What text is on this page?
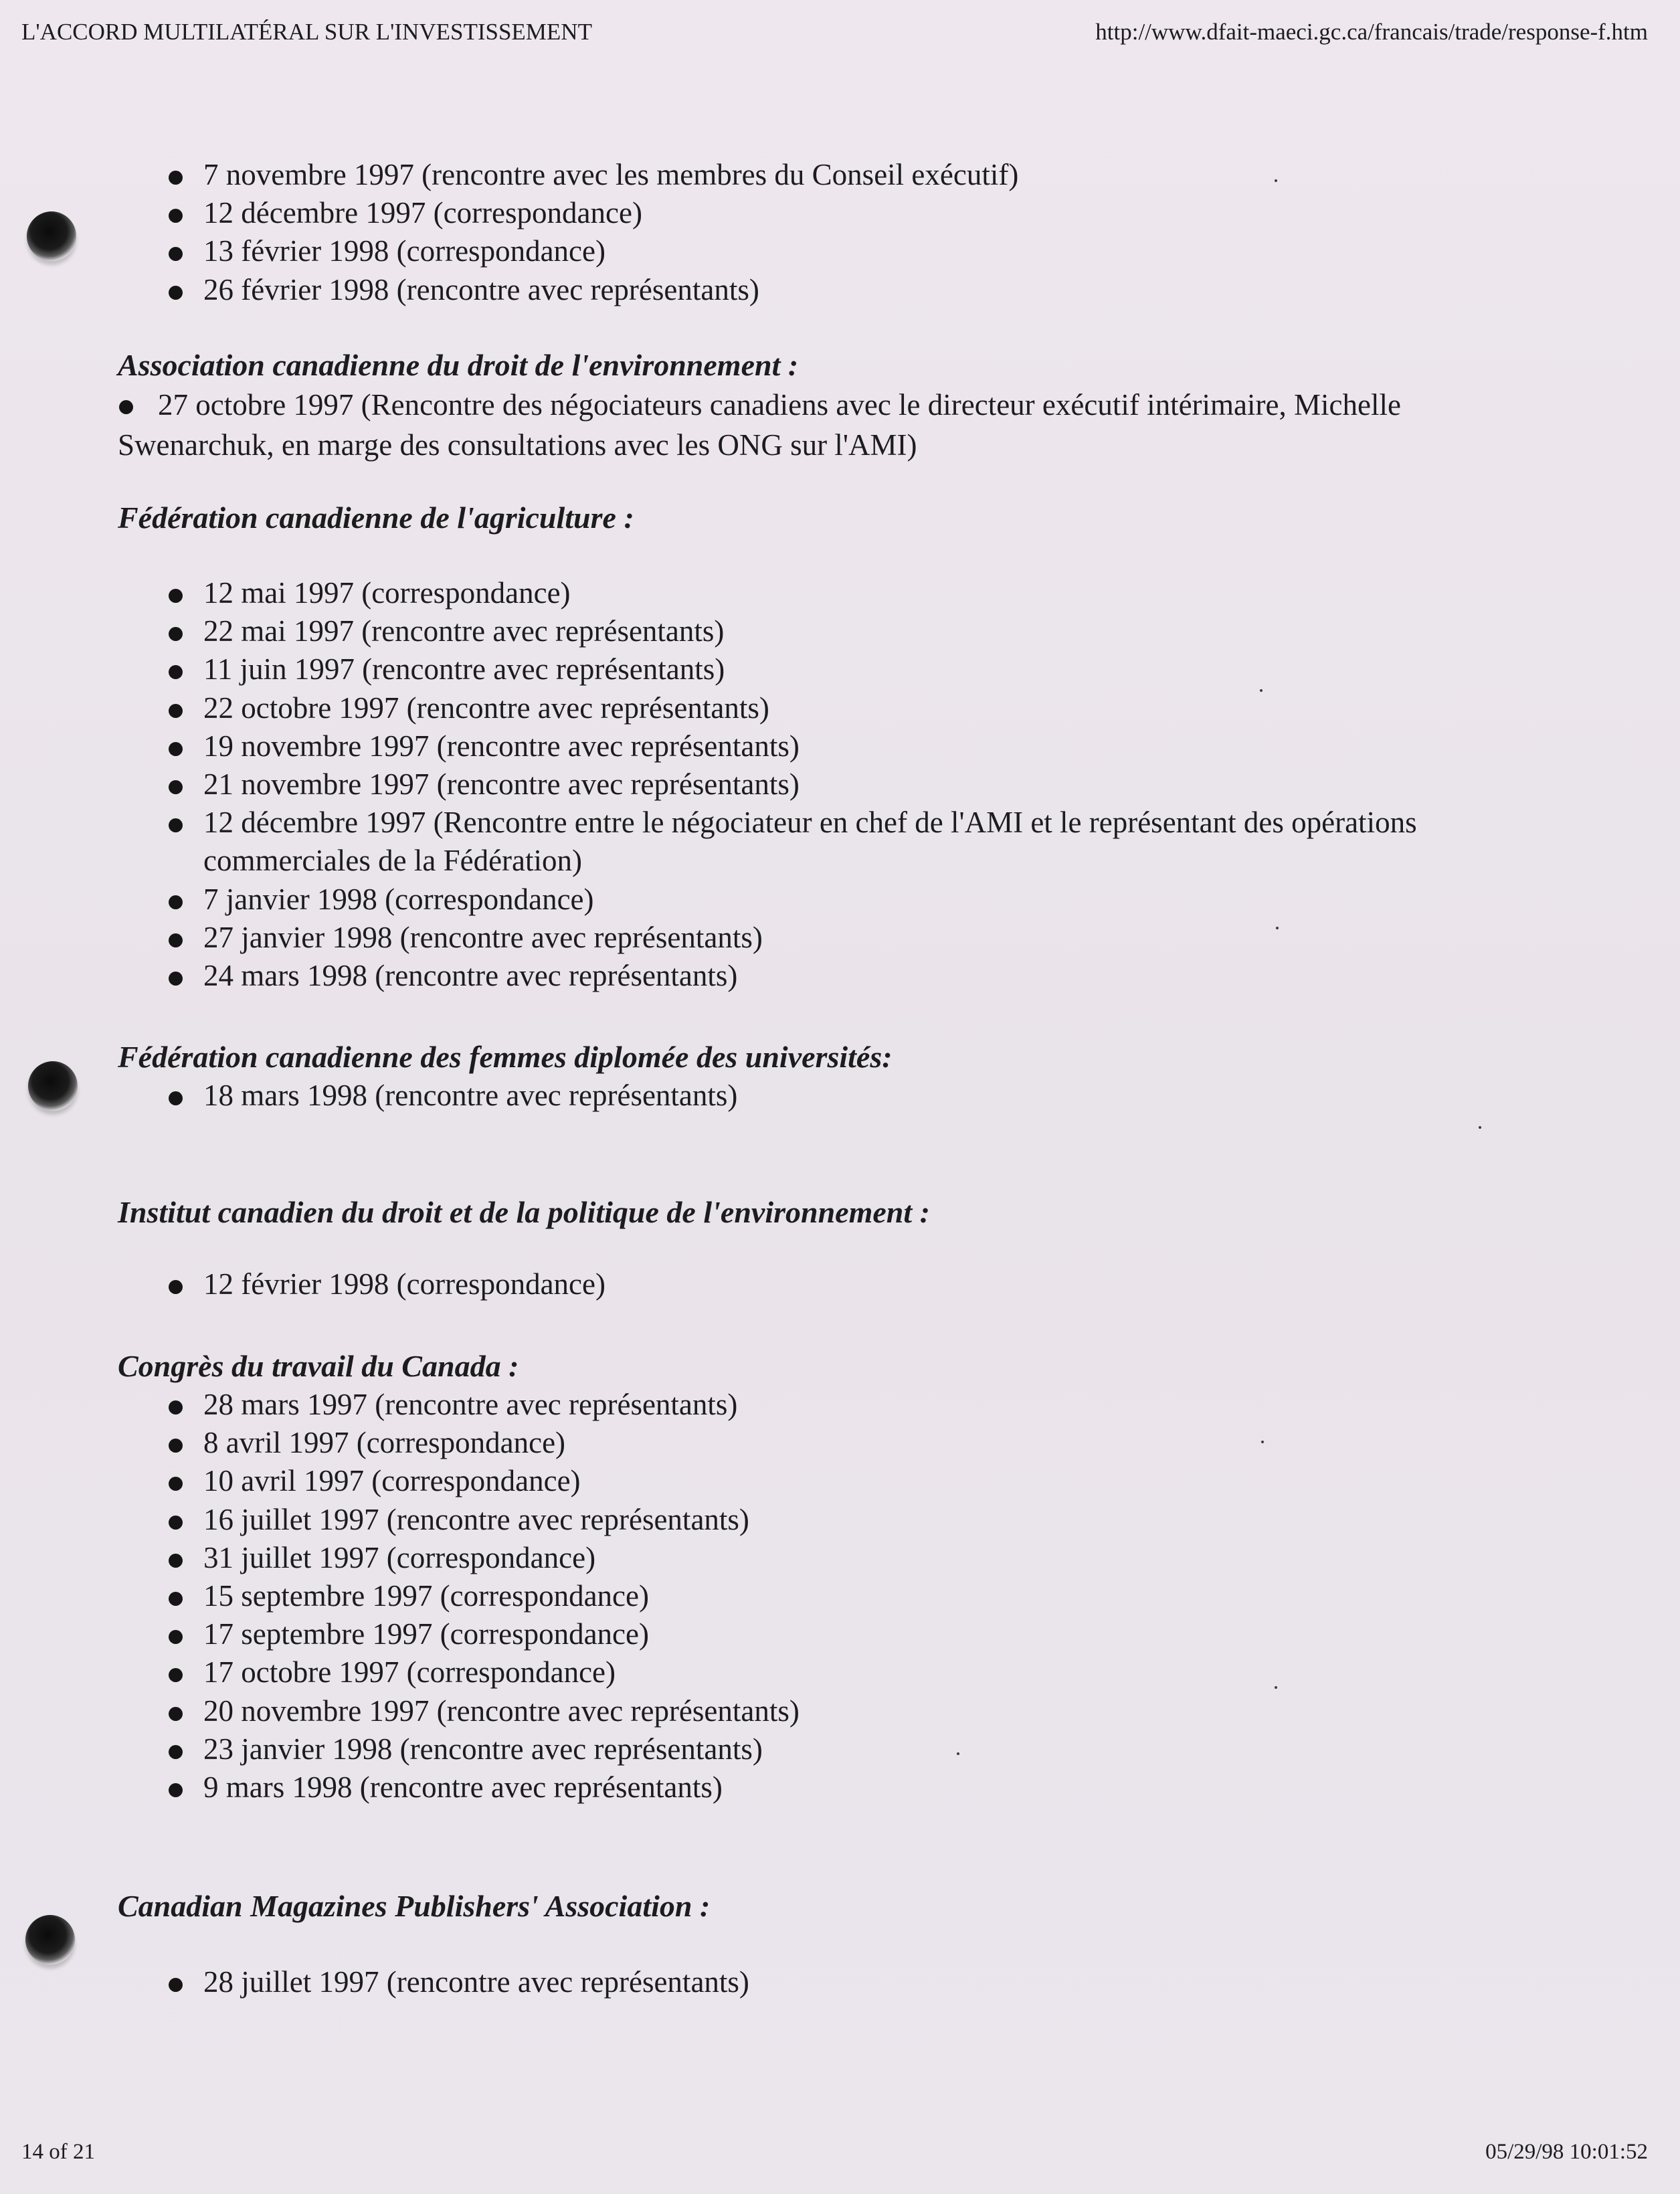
L'ACCORD MULTILATÉRAL SUR L'INVESTISSEMENT	http://www.dfait-maeci.gc.ca/francais/trade/response-f.htm
7 novembre 1997 (rencontre avec les membres du Conseil exécutif)
12 décembre 1997 (correspondance)
13 février 1998 (correspondance)
26 février 1998 (rencontre avec représentants)

Association canadienne du droit de l'environnement :

27 octobre 1997 (Rencontre des négociateurs canadiens avec le directeur exécutif intérimaire, Michelle
Swenarchuk, en marge des consultations avec les ONG sur l'AMI)

Fédération canadienne de l'agriculture :

12 mai 1997 (correspondance)
22 mai 1997 (rencontre avec représentants)
11 juin 1997 (rencontre avec représentants)
22 octobre 1997 (rencontre avec représentants)
19 novembre 1997 (rencontre avec représentants)
21 novembre 1997 (rencontre avec représentants)
12 décembre 1997 (Rencontre entre le négociateur en chef de l'AMI et le représentant des opérations commerciales de la Fédération)
7 janvier 1998 (correspondance)
27 janvier 1998 (rencontre avec représentants)
24 mars 1998 (rencontre avec représentants)

Fédération canadienne des femmes diplomée des universités:

18 mars 1998 (rencontre avec représentants)

Institut canadien du droit et de la politique de l'environnement :

12 février 1998 (correspondance)

Congrès du travail du Canada :

28 mars 1997 (rencontre avec représentants)
8 avril 1997 (correspondance)
10 avril 1997 (correspondance)
16 juillet 1997 (rencontre avec représentants)
31 juillet 1997 (correspondance)
15 septembre 1997 (correspondance)
17 septembre 1997 (correspondance)
17 octobre 1997 (correspondance)
20 novembre 1997 (rencontre avec représentants)
23 janvier 1998 (rencontre avec représentants)
9 mars 1998 (rencontre avec représentants)

Canadian Magazines Publishers' Association :

28 juillet 1997 (rencontre avec représentants)
14 of 21	05/29/98 10:01:52
